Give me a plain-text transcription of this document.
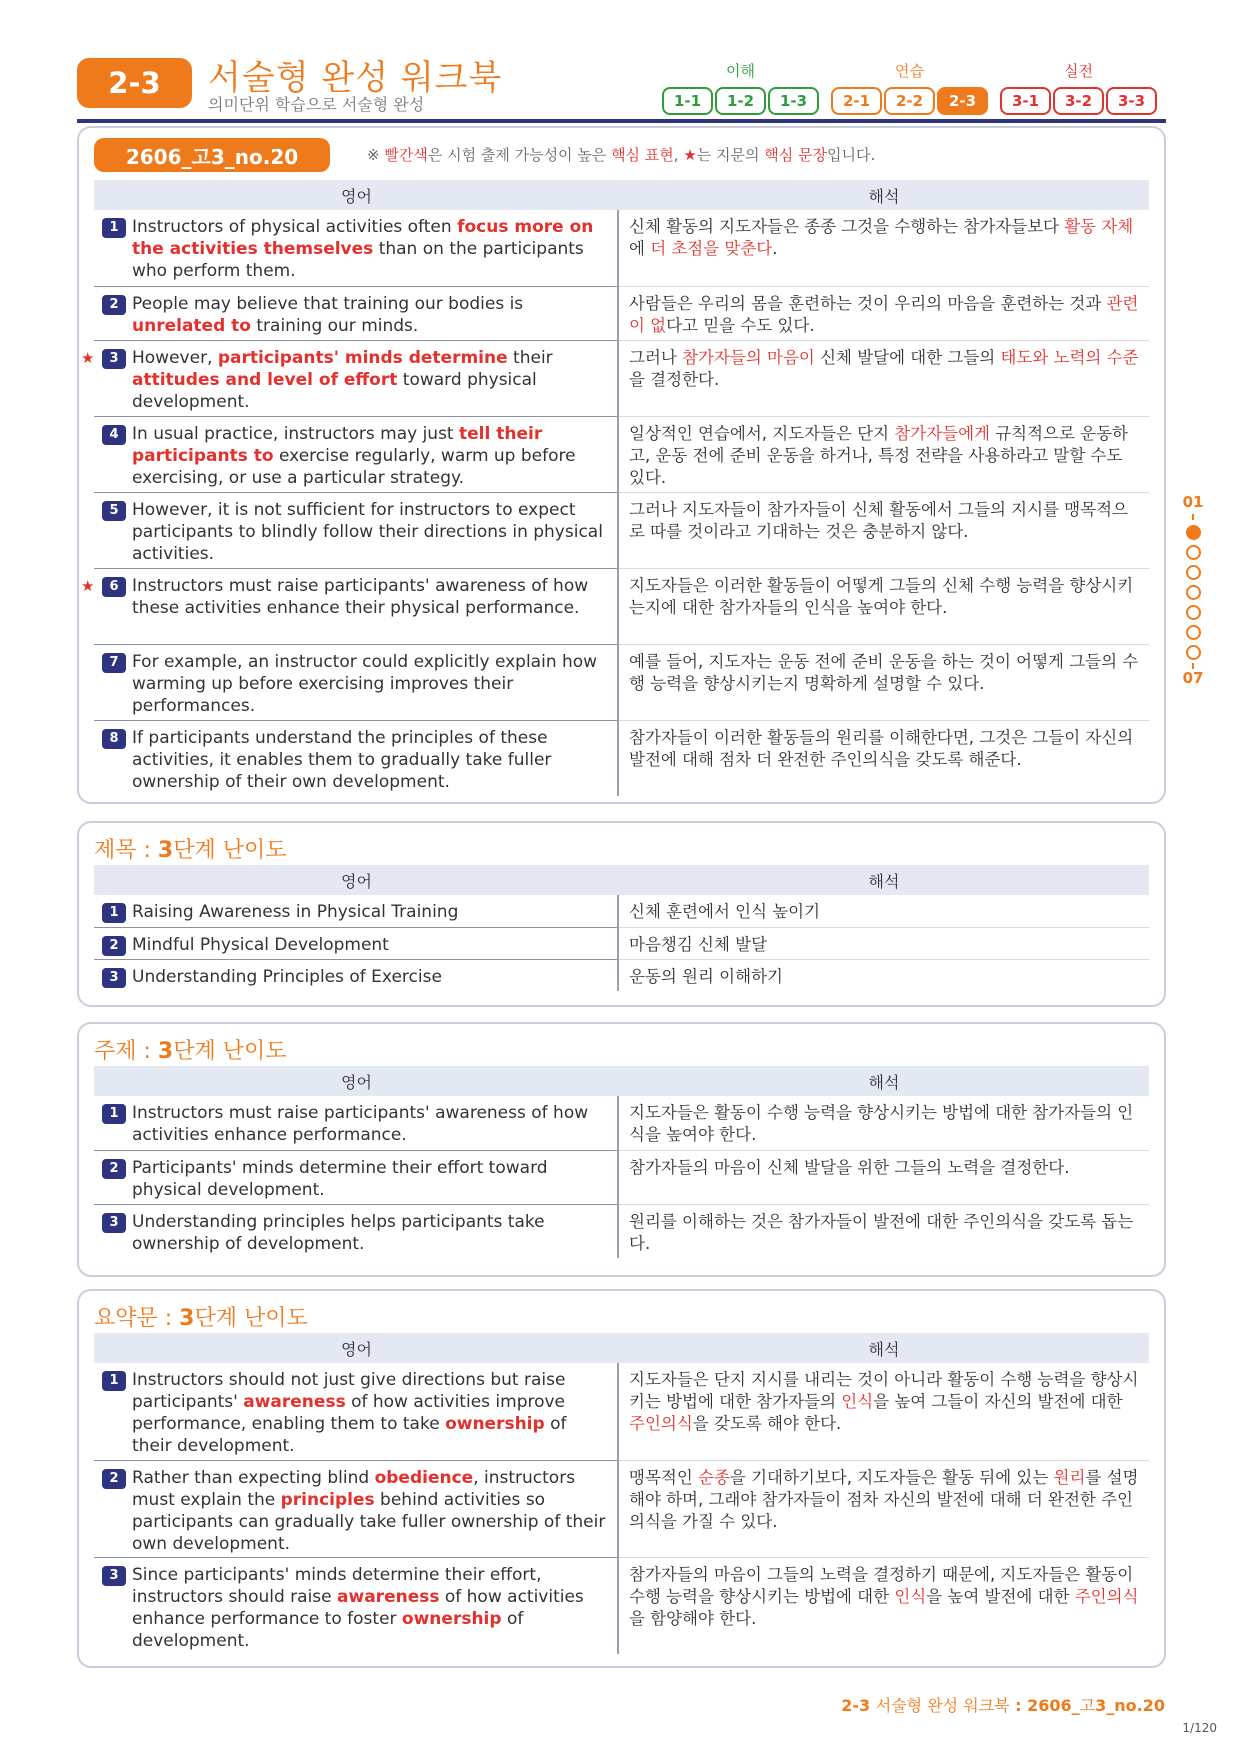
2-3	서술형 완성 워크북
의미단위 학습으로 서술형 완성
이해
1-1	1-2	1-3
연습
2-1	2-2	2-3
실전
3-1	3-2	3-3
2606_고3_no.20	※ 빨간색은 시험 출제 가능성이 높은 핵심 표현, ★는 지문의 핵심 문장입니다.
영어	해석
1 Instructors of physical activities often focus more on the activities themselves than on the participants who perform them.
신체 활동의 지도자들은 종종 그것을 수행하는 참가자들보다 활동 자체에 더 초점을 맞춘다.
2 People may believe that training our bodies is unrelated to training our minds.
사람들은 우리의 몸을 훈련하는 것이 우리의 마음을 훈련하는 것과 관련이 없다고 믿을 수도 있다.
3
★ However, participants' minds determine their attitudes and level of effort toward physical development.
그러나 참가자들의 마음이 신체 발달에 대한 그들의 태도와 노력의 수준을 결정한다.
4 In usual practice, instructors may just tell their participants to exercise regularly, warm up before exercising, or use a particular strategy.
일상적인 연습에서, 지도자들은 단지 참가자들에게 규칙적으로 운동하고, 운동 전에 준비 운동을 하거나, 특정 전략을 사용하라고 말할 수도 있다.
5 However, it is not sufficient for instructors to expect participants to blindly follow their directions in physical activities.
그러나 지도자들이 참가자들이 신체 활동에서 그들의 지시를 맹목적으로 따를 것이라고 기대하는 것은 충분하지 않다.
6
★ Instructors must raise participants' awareness of how these activities enhance their physical performance.
지도자들은 이러한 활동들이 어떻게 그들의 신체 수행 능력을 향상시키는지에 대한 참가자들의 인식을 높여야 한다.
7 For example, an instructor could explicitly explain how warming up before exercising improves their performances.
예를 들어, 지도자는 운동 전에 준비 운동을 하는 것이 어떻게 그들의 수행 능력을 향상시키는지 명확하게 설명할 수 있다.
8 If participants understand the principles of these activities, it enables them to gradually take fuller ownership of their own development.
참가자들이 이러한 활동들의 원리를 이해한다면, 그것은 그들이 자신의 발전에 대해 점차 더 완전한 주인의식을 갖도록 해준다.
제목 : 3단계 난이도
영어	해석
1 Raising Awareness in Physical Training	신체 훈련에서 인식 높이기
2 Mindful Physical Development	마음챙김 신체 발달
3 Understanding Principles of Exercise	운동의 원리 이해하기
주제 : 3단계 난이도
영어	해석
1 Instructors must raise participants' awareness of how activities enhance performance.
지도자들은 활동이 수행 능력을 향상시키는 방법에 대한 참가자들의 인식을 높여야 한다.
2 Participants' minds determine their effort toward physical development.
참가자들의 마음이 신체 발달을 위한 그들의 노력을 결정한다.
3 Understanding principles helps participants take ownership of development.
원리를 이해하는 것은 참가자들이 발전에 대한 주인의식을 갖도록 돕는다.
요약문 : 3단계 난이도
영어	해석
1 Instructors should not just give directions but raise participants' awareness of how activities improve performance, enabling them to take ownership of their development.
지도자들은 단지 지시를 내리는 것이 아니라 활동이 수행 능력을 향상시키는 방법에 대한 참가자들의 인식을 높여 그들이 자신의 발전에 대한 주인의식을 갖도록 해야 한다.
2 Rather than expecting blind obedience, instructors must explain the principles behind activities so participants can gradually take fuller ownership of their own development.
맹목적인 순종을 기대하기보다, 지도자들은 활동 뒤에 있는 원리를 설명해야 하며, 그래야 참가자들이 점차 자신의 발전에 대해 더 완전한 주인의식을 가질 수 있다.
3 Since participants' minds determine their effort, instructors should raise awareness of how activities enhance performance to foster ownership of development.
참가자들의 마음이 그들의 노력을 결정하기 때문에, 지도자들은 활동이 수행 능력을 향상시키는 방법에 대한 인식을 높여 발전에 대한 주인의식을 함양해야 한다.
01
07
2-3 서술형 완성 워크북 : 2606_고3_no.20
1/120
